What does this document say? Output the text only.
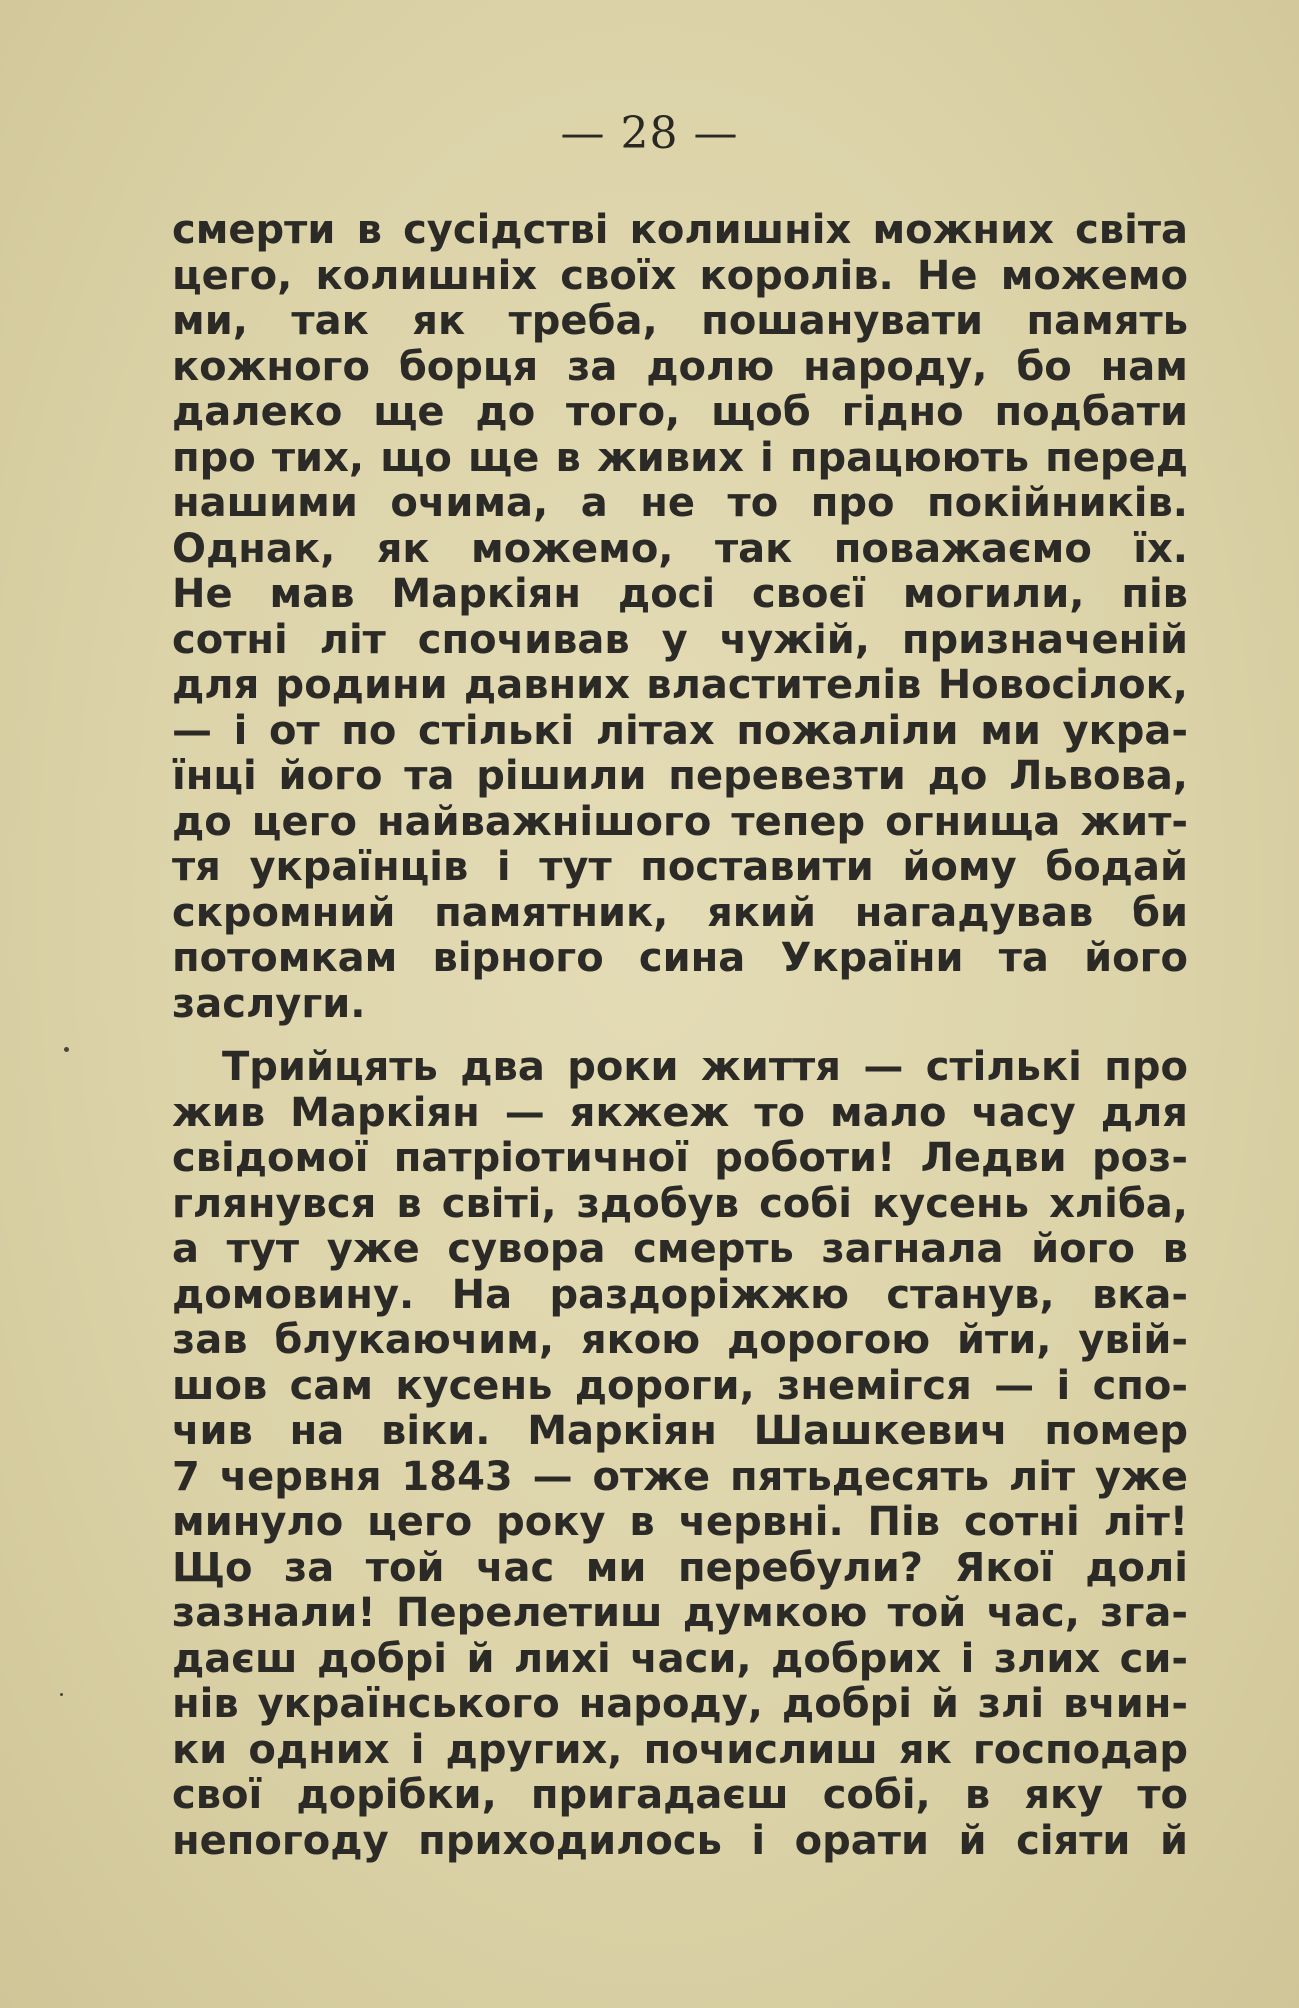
— 28 —
смерти в сусідстві колишніх можних світа
цего, колишніх своїх королів. Не можемо
ми, так як треба, пошанувати память
кожного борця за долю народу, бо нам
далеко ще до того, щоб гідно подбати
про тих, що ще в живих і працюють перед
нашими очима, а не то про покійників.
Однак, як можемо, так поважаємо їх.
Не мав Маркіян досі своєї могили, пів
сотні літ спочивав у чужій, призначеній
для родини давних властителів Новосілок,
— і от по стількі літах пожаліли ми укра-
їнці його та рішили перевезти до Львова,
до цего найважнішого тепер огнища жит-
тя українців і тут поставити йому бодай
скромний памятник, який нагадував би
потомкам вірного сина України та його
заслуги.
Трийцять два роки життя — стількі про
жив Маркіян — якжеж то мало часу для
свідомої патріотичної роботи! Ледви роз-
глянувся в світі, здобув собі кусень хліба,
а тут уже сувора смерть загнала його в
домовину. На раздоріжжю станув, вка-
зав блукаючим, якою дорогою йти, увій-
шов сам кусень дороги, знемігся — і спо-
чив на віки. Маркіян Шашкевич помер
7 червня 1843 — отже пятьдесять літ уже
минуло цего року в червні. Пів сотні літ!
Що за той час ми перебули? Якої долі
зазнали! Перелетиш думкою той час, зга-
даєш добрі й лихі часи, добрих і злих си-
нів українського народу, добрі й злі вчин-
ки одних і других, почислиш як господар
свої дорібки, пригадаєш собі, в яку то
непогоду приходилось і орати й сіяти й
